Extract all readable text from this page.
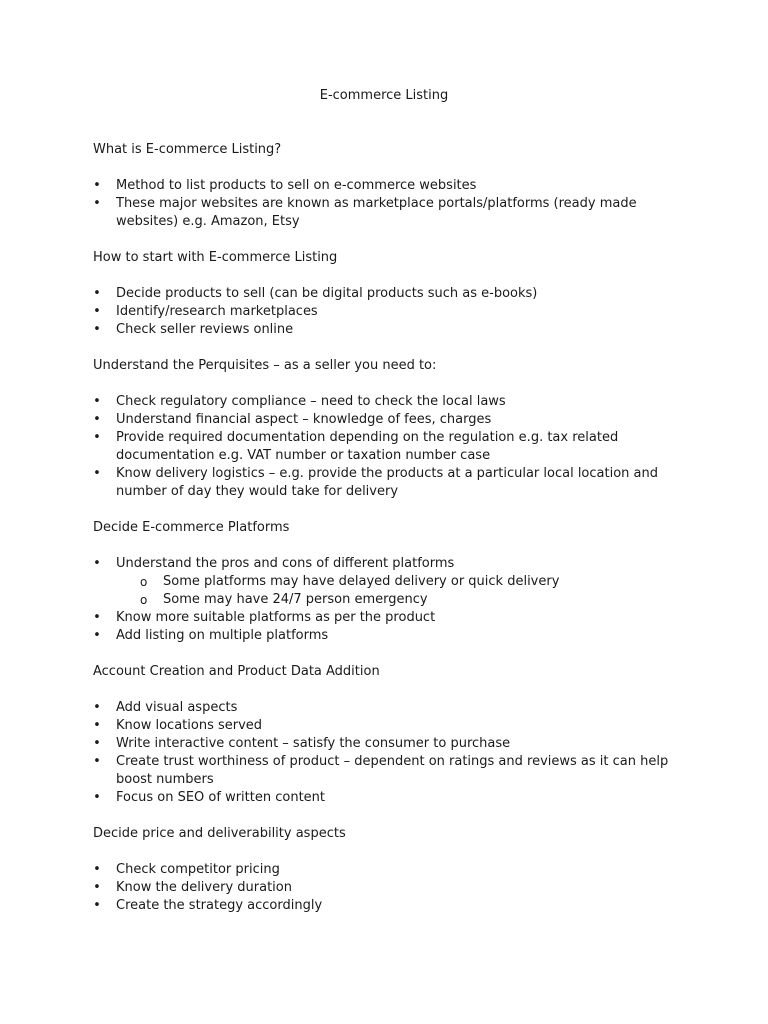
E-commerce Listing
What is E-commerce Listing?
• Method to list products to sell on e-commerce websites
• These major websites are known as marketplace portals/platforms (ready made websites) e.g. Amazon, Etsy
How to start with E-commerce Listing
• Decide products to sell (can be digital products such as e-books)
• Identify/research marketplaces
• Check seller reviews online
Understand the Perquisites – as a seller you need to:
• Check regulatory compliance – need to check the local laws
• Understand financial aspect – knowledge of fees, charges
• Provide required documentation depending on the regulation e.g. tax related documentation e.g. VAT number or taxation number case
• Know delivery logistics – e.g. provide the products at a particular local location and number of day they would take for delivery
Decide E-commerce Platforms
• Understand the pros and cons of different platforms
o Some platforms may have delayed delivery or quick delivery
o Some may have 24/7 person emergency
• Know more suitable platforms as per the product
• Add listing on multiple platforms
Account Creation and Product Data Addition
• Add visual aspects
• Know locations served
• Write interactive content – satisfy the consumer to purchase
• Create trust worthiness of product – dependent on ratings and reviews as it can help boost numbers
• Focus on SEO of written content
Decide price and deliverability aspects
• Check competitor pricing
• Know the delivery duration
• Create the strategy accordingly
